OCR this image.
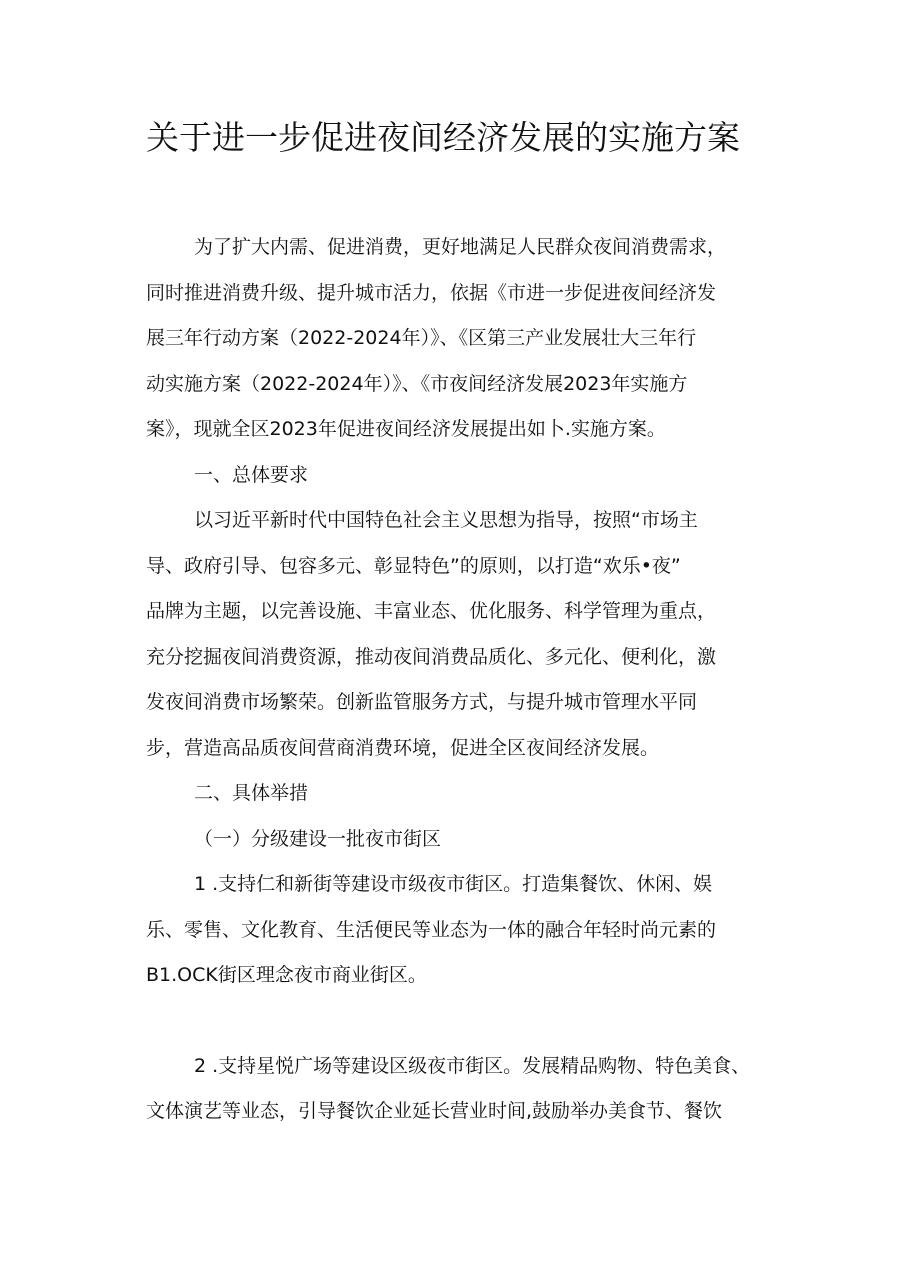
关于进一步促进夜间经济发展的实施方案
为了扩大内需、促进消费，更好地满足人民群众夜间消费需求，
同时推进消费升级、提升城市活力，依据《市进一步促进夜间经济发
展三年行动方案（2022-2024年）》、《区第三产业发展壮大三年行
动实施方案（2022-2024年）》、《市夜间经济发展2023年实施方
案》，现就全区2023年促进夜间经济发展提出如卜.实施方案。
一、总体要求
以习近平新时代中国特色社会主义思想为指导，按照“市场主
导、政府引导、包容多元、彰显特色”的原则，以打造“欢乐•夜”
品牌为主题，以完善设施、丰富业态、优化服务、科学管理为重点，
充分挖掘夜间消费资源，推动夜间消费品质化、多元化、便利化，激
发夜间消费市场繁荣。创新监管服务方式，与提升城市管理水平同
步，营造高品质夜间营商消费环境，促进全区夜间经济发展。
二、具体举措
（一）分级建设一批夜市街区
1 .支持仁和新街等建设市级夜市街区。打造集餐饮、休闲、娱
乐、零售、文化教育、生活便民等业态为一体的融合年轻时尚元素的
B1.OCK街区理念夜市商业街区。
2 .支持星悦广场等建设区级夜市街区。发展精品购物、特色美食、
文体演艺等业态，引导餐饮企业延长营业时间,鼓励举办美食节、餐饮
